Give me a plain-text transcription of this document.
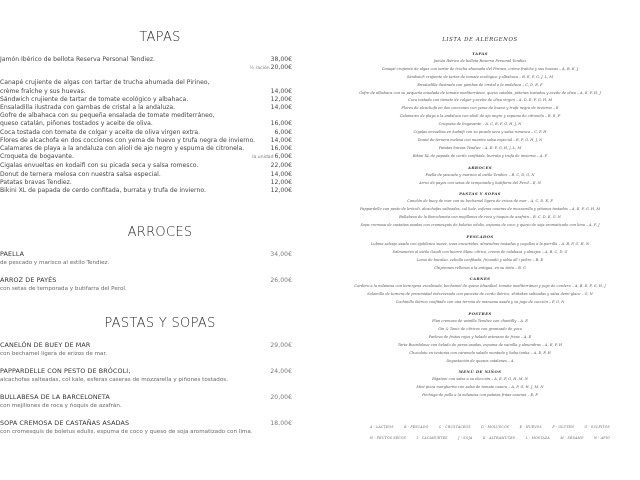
TAPAS
Jamón Ibérico de bellota Reserva Personal Tendiez.	38,00€
½ ración20,00€
Canapé crujiente de algas con tartar de trucha ahumada del Pirineo,
crème fraîche y sus huevas.	14,00€
Sándwich crujiente de tartar de tomate ecológico y albahaca.	12,00€
Ensaladilla ilustrada con gambas de cristal a la andaluza.	14,00€
Gofre de albahaca con su pequeña ensalada de tomate mediterráneo,
queso catalán, piñones tostados y aceite de oliva.	16,00€
Coca tostada con tomate de colgar y aceite de oliva virgen extra.	6,00€
Flores de alcachofa en dos cocciones con yema de huevo y trufa negra de invierno.	14,00€
Calamares de playa a la andaluza con alioli de ajo negro y espuma de citronela.	16,00€
Croqueta de bogavante.	la unidad6,00€
Cigalas envueltas en kodaifi con su picada seca y salsa romesco.	22,00€
Donut de ternera melosa con nuestra salsa especial.	14,00€
Patatas bravas Tendiez.	12,00€
Bikini XL de papada de cerdo confitada, burrata y trufa de invierno.	12,00€
ARROCES
PAELLA	34,00€
de pescado y marisco al estilo Tendiez.
ARROZ DE PAYÉS	26,00€
con setas de temporada y butifarra del Perol.
PASTAS Y SOPAS
CANELÓN DE BUEY DE MAR	29,00€
con bechamel ligera de erizos de mar.
PAPPARDELLE CON PESTO DE BRÓCOLI,	24,00€
alcachofas salteadas, col kale, esferas caseras de mozzarella y piñones tostados.
BULLABESA DE LA BARCELONETA	20,00€
con mejillones de roca y ñoquis de azafrán.
SOPA CREMOSA DE CASTAÑAS ASADAS	18,00€
con cromesquis de boletus edulis, espuma de coco y queso de soja aromatizado con lima.
LISTA DE ALÉRGENOS
TAPAS
Jamón Ibérico de bellota Reserva Personal Tendiez
Canapé crujiente de algas con tartar de trucha ahumada del Pirineo, crème fraîche y sus huevas – A, B, E, J
Sándwich crujiente de tartar de tomate ecológico y albahaca – B, E, F, G, J, L, M
Ensaladilla ilustrada con gambas de cristal a la andaluza – C, D, E, F
Gofre de albahaca con su pequeña ensalada de tomate mediterráneo, queso catalán, piñones tostados y aceite de oliva – A, E, F, H, J
Coca tostada con tomate de colgar y aceite de oliva virgen – A, D, E, F, G, H, M
Flores de alcachofa en dos cocciones con yema de huevo y trufa negra de invierno – E
Calamares de playa a la andaluza con alioli de ajo negro y espuma de citronela – B, E, F
Croqueta de bogavante – A, C, E, F, G, H, J, N
Cigalas envueltas en kadaifi con su picada seca y salsa romesco – C, F, H
Donut de ternera melosa con nuestra salsa especial – E, F, G, H, J, N
Patatas bravas Tendiez – A, E, F, G, H, J, L, M
Bikini XL de papada de cerdo confitada, burrata y trufa de invierno – A, F
ARROCES
Paella de pescado y marisco al estilo Tendiez – B, C, D, G, N
Arroz de payés con setas de temporada y butifarra del Perol – E, N
PASTAS Y SOPAS
Canelón de buey de mar con su bechamel ligera de erizos de mar – A, C, D, E, F
Pappardelle con pesto de brócoli, alcachofas salteadas, col kale, esferas caseras de mozzarella y piñones tostados – A, E, F, G, H, M
Bullabesa de la Barceloneta con mejillones de roca y ñoquis de azafrán – B, C, D, E, G, N
Sopa cremosa de castañas asadas con cromesquis de boletus edulis, espuma de coco y queso de soja aromatizado con lima – A, F, J
PESCADOS
Lubina salvaje asada con ajoblanco suave, uvas encurtidas, almendras tostadas y cogollos a la parrilla – A, B, F, G, H, N
Salmonetes al estilo Gaudí con beurre blanc cítrico, crema de calabaza y almejas – A, B, C, D, G
Lomo de bacalao, cebolla confitada, fricandó y salsa all i pebre – B, E
Chipirones rellenos a la antigua, en su tinta – B, G
CARNES
Cordero a la milanesa con berenjena escalivada, bechamel de queso Idiazábal, tomate mediterráneo y jugo de cordero – A, B, E, F, G, H, J
Solomillo de ternera de proximidad entreverado con panceta de cerdo ibérico, shiitakes salteadas y salsa demi-glace – G, N
Cochinillo ibérico confitado con una terrina de manzana asada y su jugo de cocción – F, G, N
POSTRES
Flan cremoso de vainilla Tendiez con chantilly – A, E
Gin & Tonic de cítricos con granizado de yuzu
Pavlova de frutos rojos y helado artesano de fresa – A, E
Tarta Bourdaloue con helado de peras asadas, espuma de vainilla y almendras – A, E, F, H
Chocolate en texturas con caramelo salado montado y haba tonka – A, E, F, H
Degustación de quesos catalanes – A
MENÚ DE NIÑOS
Rigatoni con salsa a su elección – A, E, F, G, H, M, N
Mini pizza margherita con salsa de tomate casero – A, F, G, H, J, M, N
Pechuga de pollo a la milanesa con patatas fritas caseras – E, F
A - LÁCTEOS	B - PESCADO	C - CRUSTÁCEOS	D - MOLUSCOS	E - HUEVOS	F - GLUTEN	G - SULFITOS
H - FRUTOS SECOS	I - CACAHUETES	J - SOJA	K - ALTRAMUCES	L - MOSTAZA	M - SÉSAMO	N - APIO
